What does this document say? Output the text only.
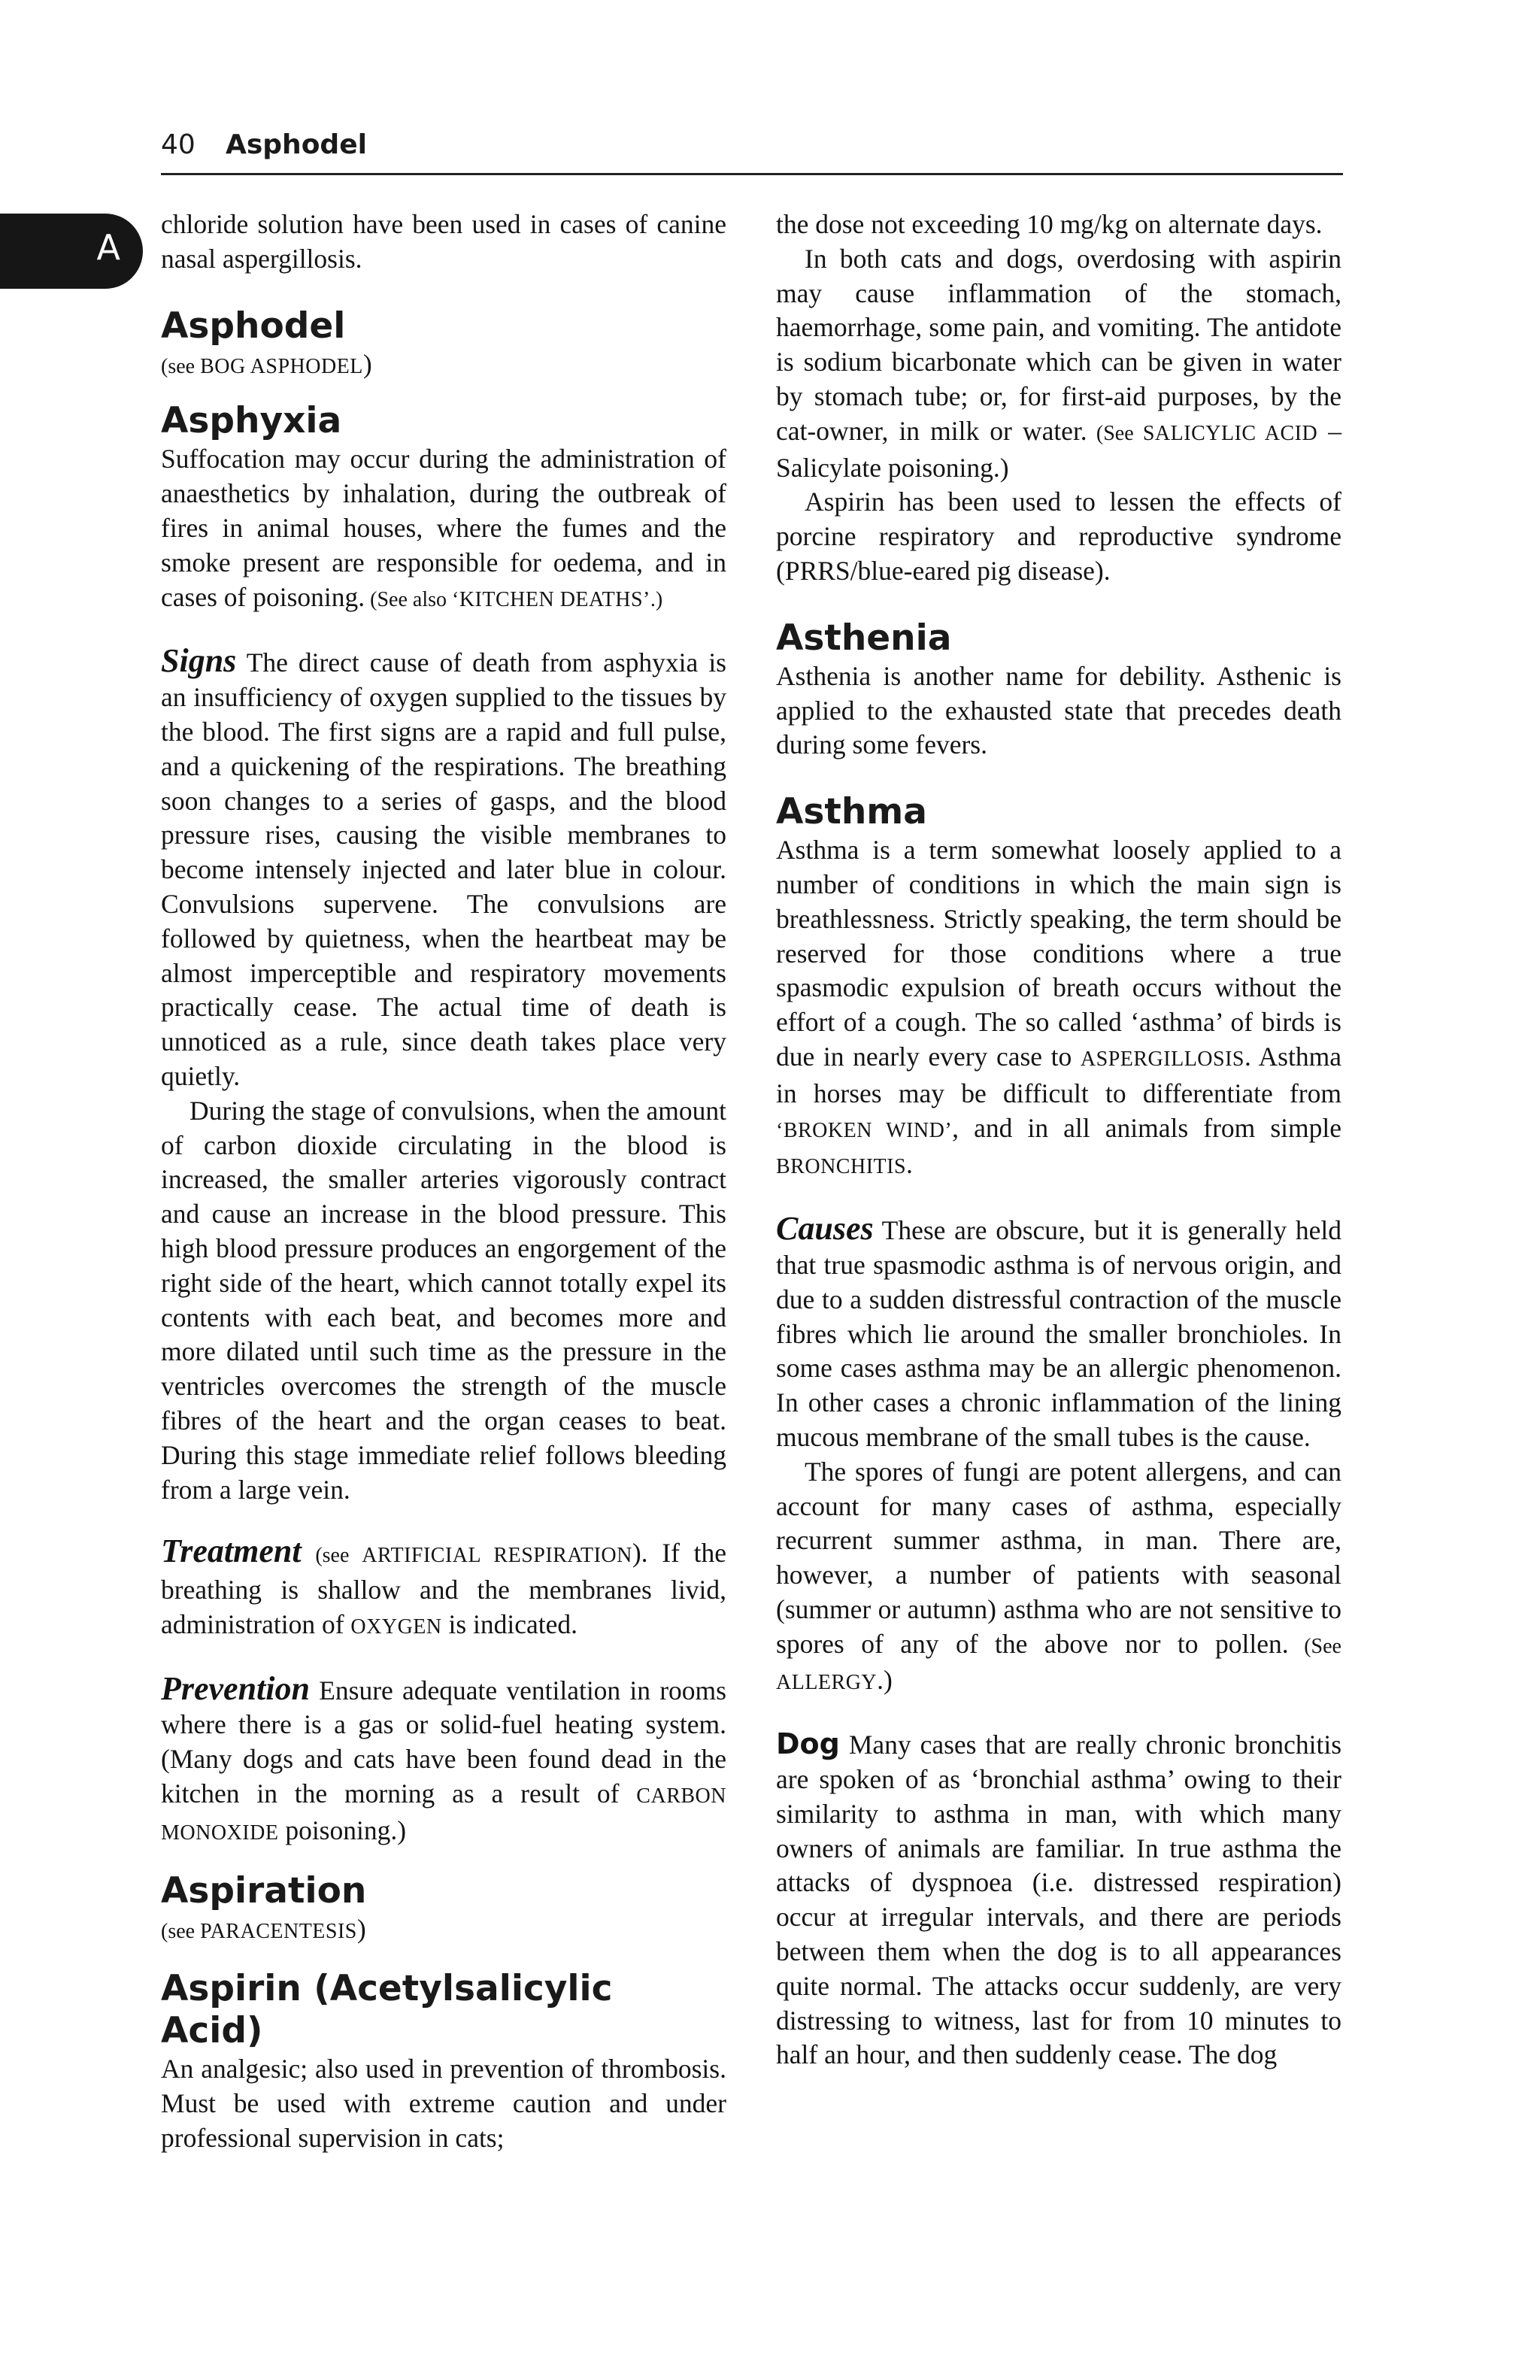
40 Asphodel
A

chloride solution have been used in cases of canine nasal aspergillosis.

Asphodel

(see BOG ASPHODEL)

Asphyxia

Suffocation may occur during the administration of anaesthetics by inhalation, during the outbreak of fires in animal houses, where the fumes and the smoke present are responsible for oedema, and in cases of poisoning. (See also ‘KITCHEN DEATHS’.)

Signs The direct cause of death from asphyxia is an insufficiency of oxygen supplied to the tissues by the blood. The first signs are a rapid and full pulse, and a quickening of the respirations. The breathing soon changes to a series of gasps, and the blood pressure rises, causing the visible membranes to become intensely injected and later blue in colour. Convulsions supervene. The convulsions are followed by quietness, when the heartbeat may be almost imperceptible and respiratory movements practically cease. The actual time of death is unnoticed as a rule, since death takes place very quietly.

During the stage of convulsions, when the amount of carbon dioxide circulating in the blood is increased, the smaller arteries vigorously contract and cause an increase in the blood pressure. This high blood pressure produces an engorgement of the right side of the heart, which cannot totally expel its contents with each beat, and becomes more and more dilated until such time as the pressure in the ventricles overcomes the strength of the muscle fibres of the heart and the organ ceases to beat. During this stage immediate relief follows bleeding from a large vein.

Treatment (see ARTIFICIAL RESPIRATION). If the breathing is shallow and the membranes livid, administration of OXYGEN is indicated.

Prevention Ensure adequate ventilation in rooms where there is a gas or solid-fuel heating system. (Many dogs and cats have been found dead in the kitchen in the morning as a result of CARBON MONOXIDE poisoning.)

Aspiration

(see PARACENTESIS)

Aspirin (Acetylsalicylic Acid)

An analgesic; also used in prevention of thrombosis. Must be used with extreme caution and under professional supervision in cats;

the dose not exceeding 10 mg/kg on alternate days.

In both cats and dogs, overdosing with aspirin may cause inflammation of the stomach, haemorrhage, some pain, and vomiting. The antidote is sodium bicarbonate which can be given in water by stomach tube; or, for first-aid purposes, by the cat-owner, in milk or water. (See SALICYLIC ACID – Salicylate poisoning.)

Aspirin has been used to lessen the effects of porcine respiratory and reproductive syndrome (PRRS/blue-eared pig disease).

Asthenia

Asthenia is another name for debility. Asthenic is applied to the exhausted state that precedes death during some fevers.

Asthma

Asthma is a term somewhat loosely applied to a number of conditions in which the main sign is breathlessness. Strictly speaking, the term should be reserved for those conditions where a true spasmodic expulsion of breath occurs without the effort of a cough. The so called ‘asthma’ of birds is due in nearly every case to ASPERGILLOSIS. Asthma in horses may be difficult to differentiate from ‘BROKEN WIND’, and in all animals from simple BRONCHITIS.

Causes These are obscure, but it is generally held that true spasmodic asthma is of nervous origin, and due to a sudden distressful contraction of the muscle fibres which lie around the smaller bronchioles. In some cases asthma may be an allergic phenomenon. In other cases a chronic inflammation of the lining mucous membrane of the small tubes is the cause.

The spores of fungi are potent allergens, and can account for many cases of asthma, especially recurrent summer asthma, in man. There are, however, a number of patients with seasonal (summer or autumn) asthma who are not sensitive to spores of any of the above nor to pollen. (See ALLERGY.)

Dog Many cases that are really chronic bronchitis are spoken of as ‘bronchial asthma’ owing to their similarity to asthma in man, with which many owners of animals are familiar. In true asthma the attacks of dyspnoea (i.e. distressed respiration) occur at irregular intervals, and there are periods between them when the dog is to all appearances quite normal. The attacks occur suddenly, are very distressing to witness, last for from 10 minutes to half an hour, and then suddenly cease. The dog
